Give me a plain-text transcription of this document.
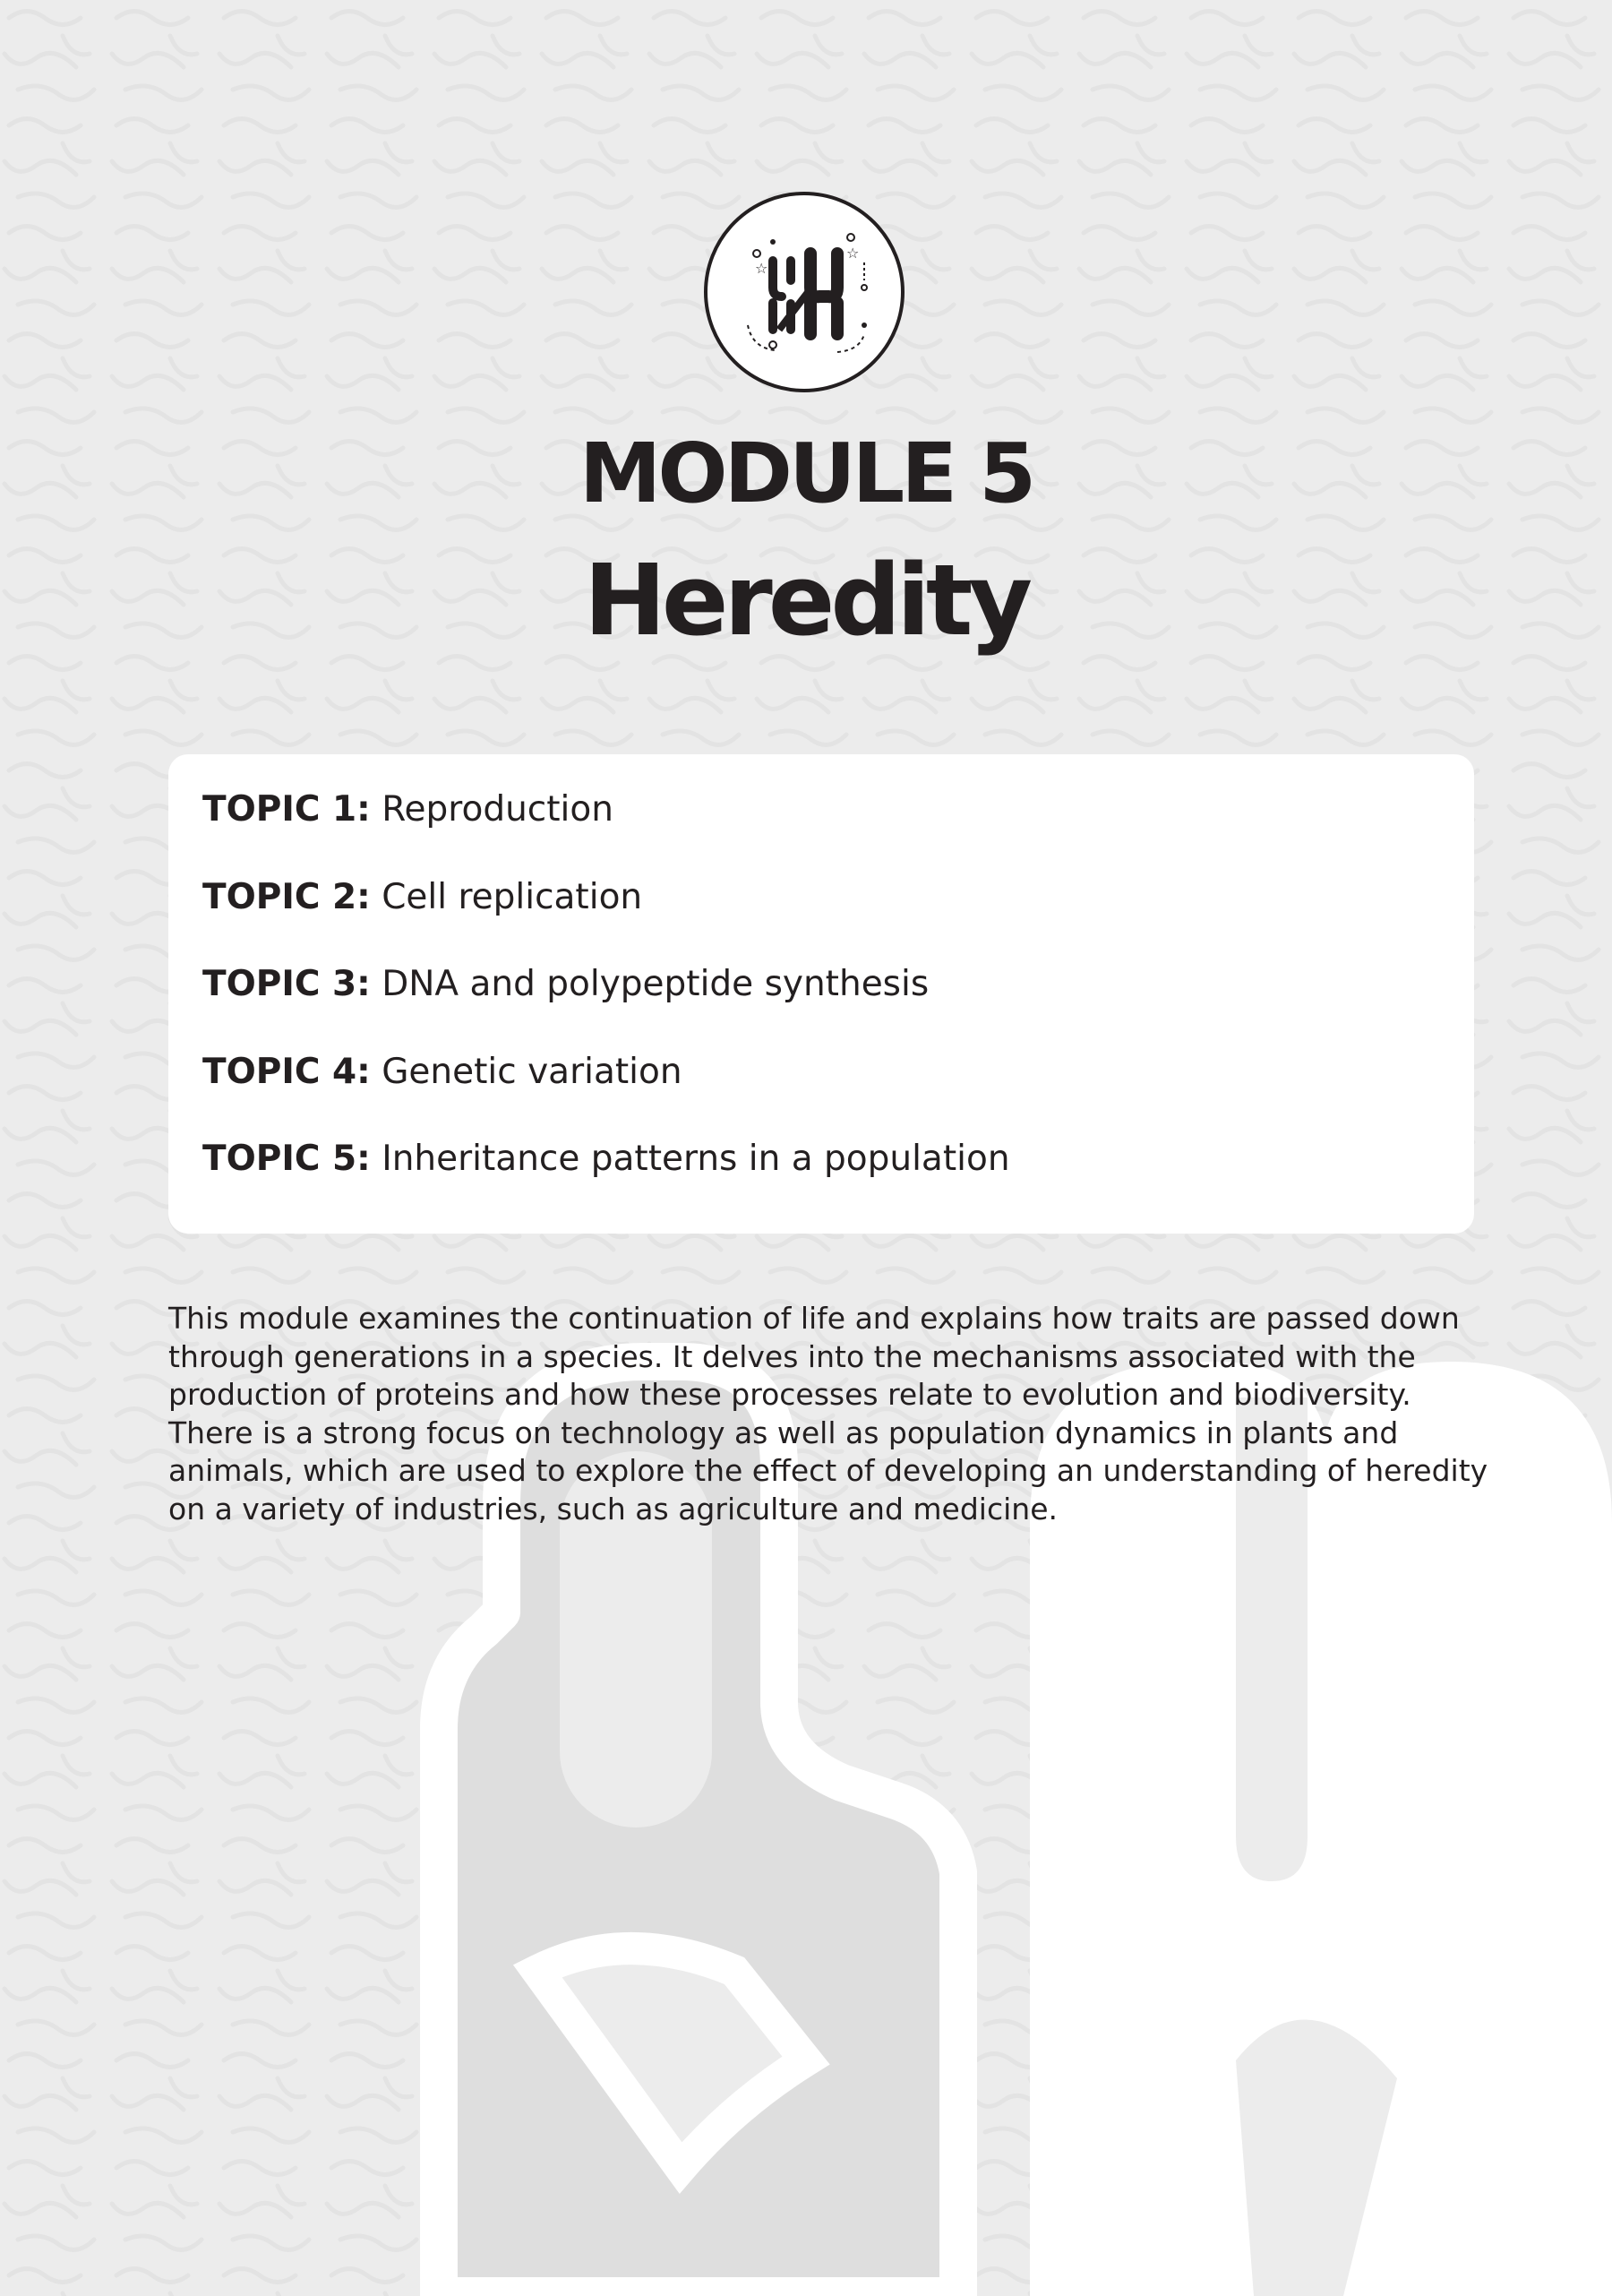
☆
☆
MODULE 5
Heredity
TOPIC 1: Reproduction
TOPIC 2: Cell replication
TOPIC 3: DNA and polypeptide synthesis
TOPIC 4: Genetic variation
TOPIC 5: Inheritance patterns in a population

This module examines the continuation of life and explains how traits are passed down through generations in a species. It delves into the mechanisms associated with the production of proteins and how these processes relate to evolution and biodiversity. There is a strong focus on technology as well as population dynamics in plants and animals, which are used to explore the effect of developing an understanding of heredity on a variety of industries, such as agriculture and medicine.
